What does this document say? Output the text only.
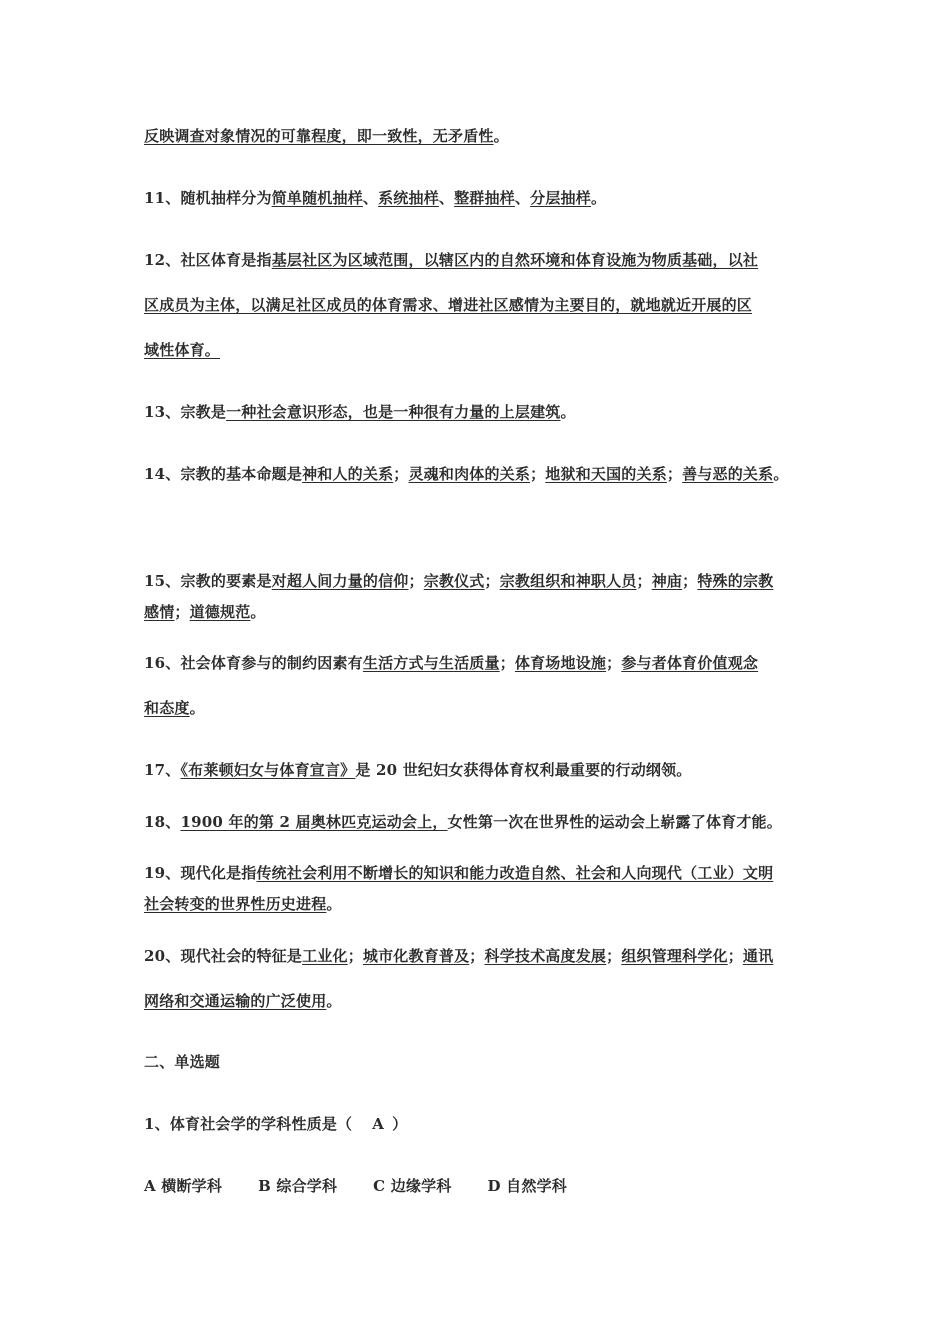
反映调查对象情况的可靠程度，即一致性，无矛盾性。

11、随机抽样分为简单随机抽样、系统抽样、整群抽样、分层抽样。

12、社区体育是指基层社区为区域范围，以辖区内的自然环境和体育设施为物质基础，以社
区成员为主体，以满足社区成员的体育需求、增进社区感情为主要目的，就地就近开展的区
域性体育。

13、宗教是一种社会意识形态，也是一种很有力量的上层建筑。

14、宗教的基本命题是神和人的关系；灵魂和肉体的关系；地狱和天国的关系；善与恶的关系。

15、宗教的要素是对超人间力量的信仰；宗教仪式；宗教组织和神职人员；神庙；特殊的宗教
感情；道德规范。

16、社会体育参与的制约因素有生活方式与生活质量；体育场地设施；参与者体育价值观念
和态度。

17、《布莱顿妇女与体育宣言》是 20 世纪妇女获得体育权利最重要的行动纲领。

18、1900 年的第 2 届奥林匹克运动会上，女性第一次在世界性的运动会上崭露了体育才能。

19、现代化是指传统社会利用不断增长的知识和能力改造自然、社会和人向现代（工业）文明
社会转变的世界性历史进程。

20、现代社会的特征是工业化；城市化教育普及；科学技术高度发展；组织管理科学化；通讯
网络和交通运输的广泛使用。

二、单选题

1、体育社会学的学科性质是（ A ）

A 横断学科 B 综合学科 C 边缘学科 D 自然学科
